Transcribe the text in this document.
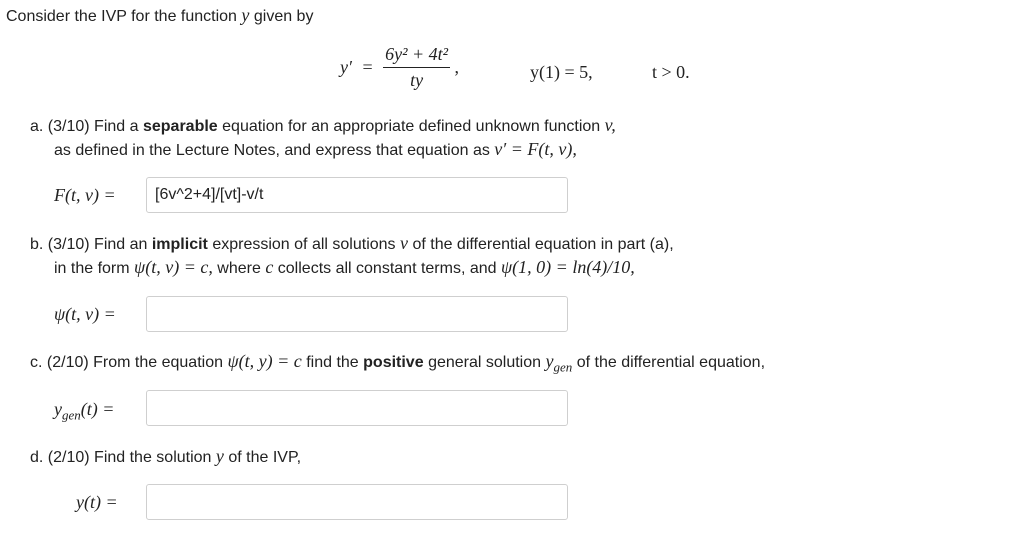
Consider the IVP for the function y given by
$y' = \frac{\text{6y² + 4t²}}{ty}$ ,	y(1) = 5,	t > 0.
a. (3/10) Find a separable equation for an appropriate defined unknown function v,
as defined in the Lecture Notes, and express that equation as v′ = F(t, v),
F(t, v) =
[6v^2+4]/[vt]-v/t
b. (3/10) Find an implicit expression of all solutions v of the differential equation in part (a),
in the form ψ(t, v) = c, where c collects all constant terms, and ψ(1, 0) = ln(4)/10,
ψ(t, v) =
c. (2/10) From the equation ψ(t, y) = c find the positive general solution $y_{gen}$ of the differential equation,
$y_{gen}(t)$ =
d. (2/10) Find the solution y of the IVP,
y(t) =
